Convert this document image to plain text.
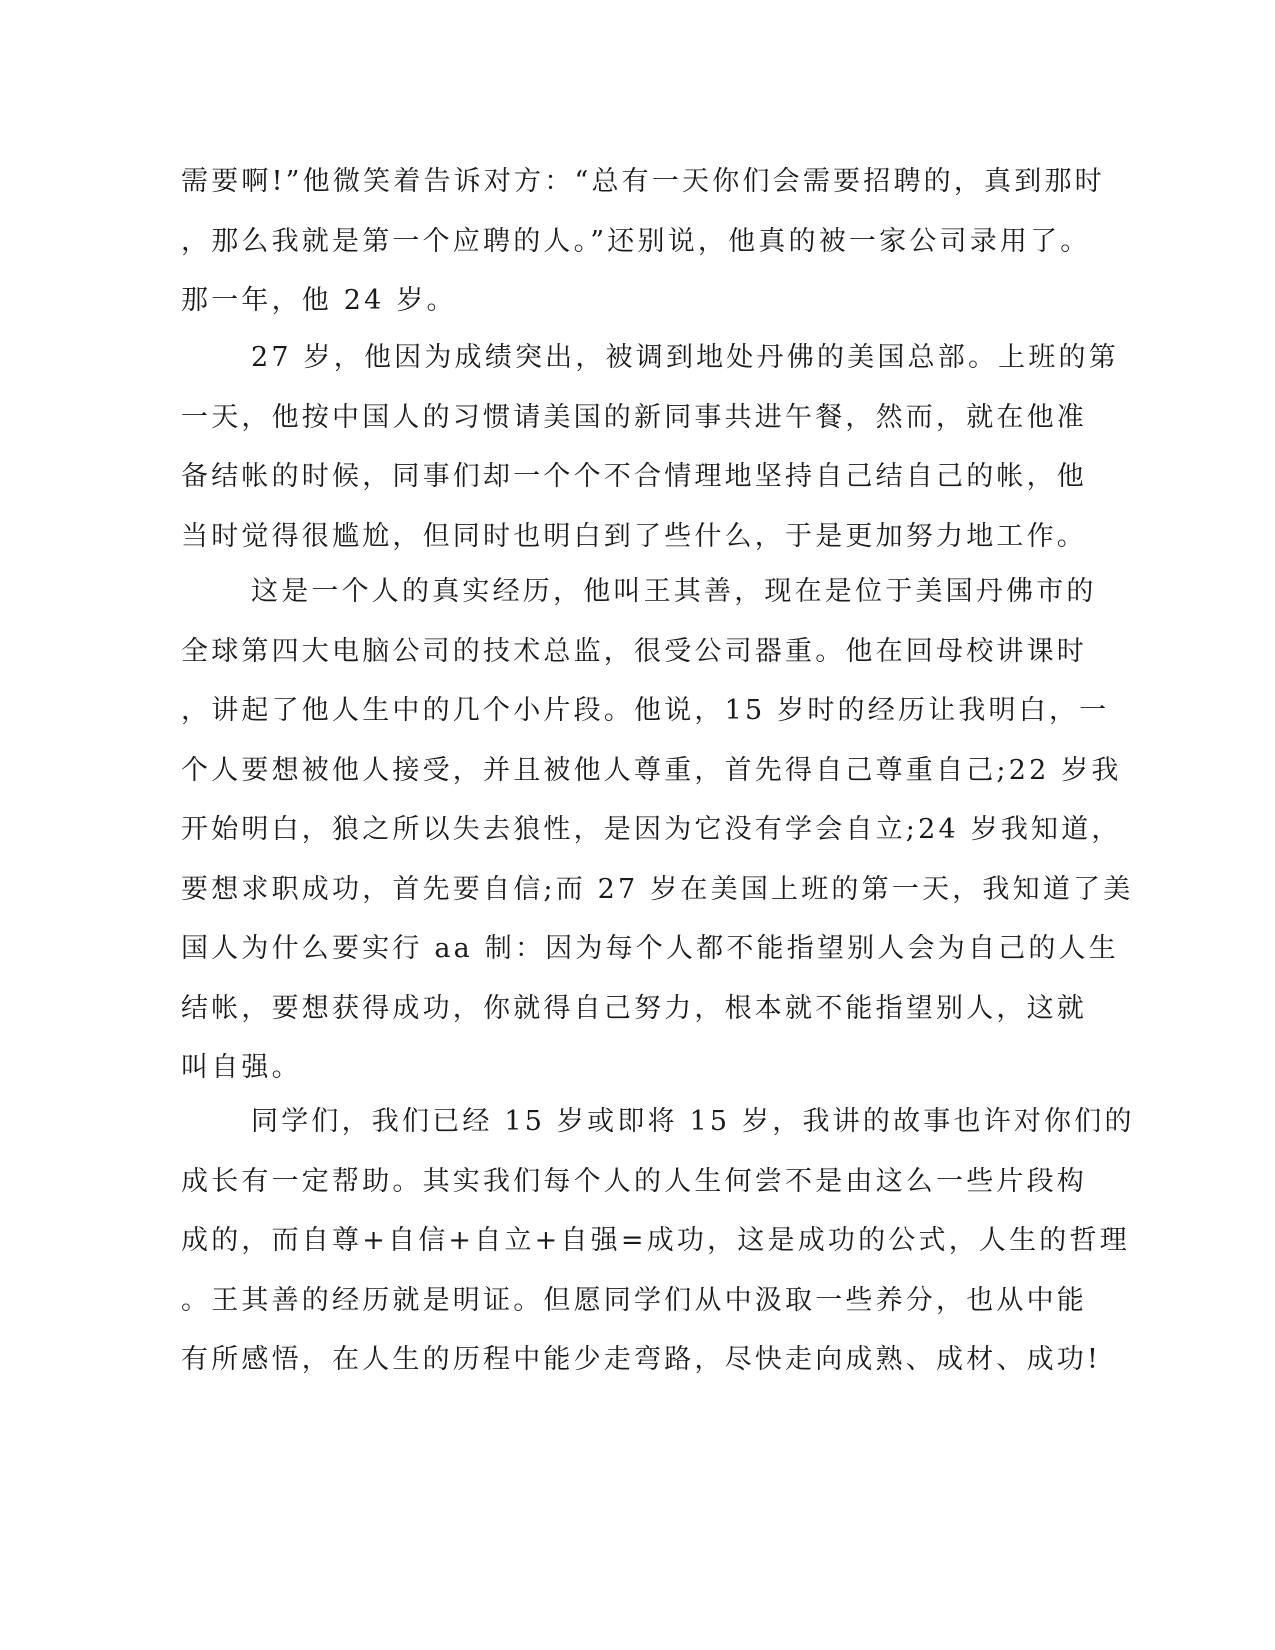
需要啊!”他微笑着告诉对方：“总有一天你们会需要招聘的，真到那时
，那么我就是第一个应聘的人。”还别说，他真的被一家公司录用了。
那一年，他 24 岁。
27 岁，他因为成绩突出，被调到地处丹佛的美国总部。上班的第
一天，他按中国人的习惯请美国的新同事共进午餐，然而，就在他准
备结帐的时候，同事们却一个个不合情理地坚持自己结自己的帐，他
当时觉得很尴尬，但同时也明白到了些什么，于是更加努力地工作。
这是一个人的真实经历，他叫王其善，现在是位于美国丹佛市的
全球第四大电脑公司的技术总监，很受公司器重。他在回母校讲课时
，讲起了他人生中的几个小片段。他说，15 岁时的经历让我明白，一
个人要想被他人接受，并且被他人尊重，首先得自己尊重自己;22 岁我
开始明白，狼之所以失去狼性，是因为它没有学会自立;24 岁我知道，
要想求职成功，首先要自信;而 27 岁在美国上班的第一天，我知道了美
国人为什么要实行 aa 制：因为每个人都不能指望别人会为自己的人生
结帐，要想获得成功，你就得自己努力，根本就不能指望别人，这就
叫自强。
同学们，我们已经 15 岁或即将 15 岁，我讲的故事也许对你们的
成长有一定帮助。其实我们每个人的人生何尝不是由这么一些片段构
成的，而自尊+自信+自立+自强=成功，这是成功的公式，人生的哲理
。王其善的经历就是明证。但愿同学们从中汲取一些养分，也从中能
有所感悟，在人生的历程中能少走弯路，尽快走向成熟、成材、成功!
